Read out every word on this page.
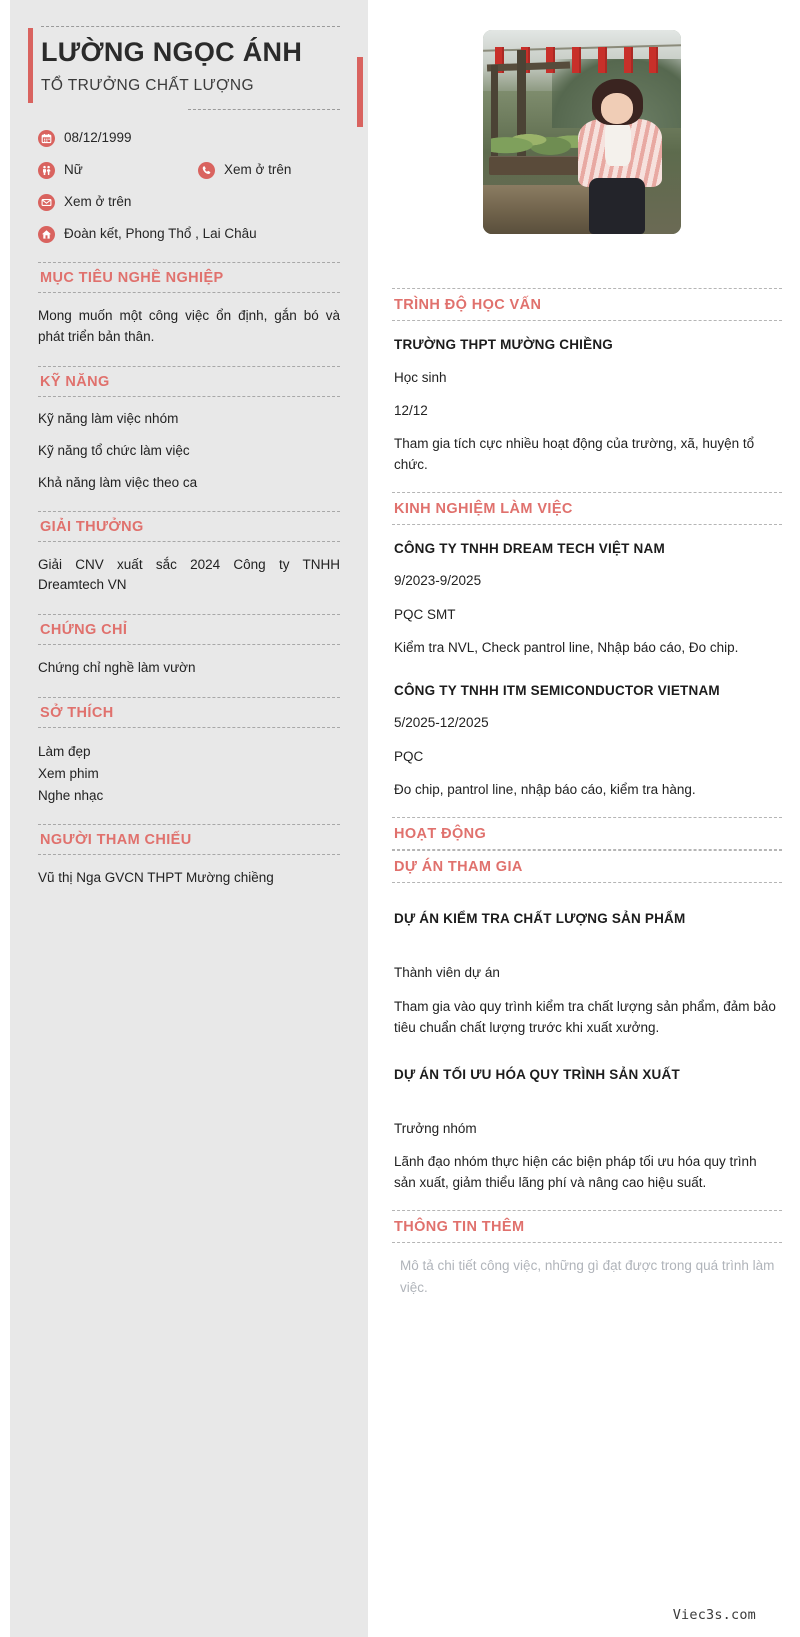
LƯỜNG NGỌC ÁNH
TỔ TRƯỞNG CHẤT LƯỢNG
08/12/1999
Nữ	Xem ở trên
Xem ở trên
Đoàn kết, Phong Thổ , Lai Châu
MỤC TIÊU NGHỀ NGHIỆP
Mong muốn một công việc ổn định, gắn bó và phát triển bản thân.
KỸ NĂNG
Kỹ năng làm việc nhóm
Kỹ năng tổ chức làm việc
Khả năng làm việc theo ca
GIẢI THƯỞNG
Giải CNV xuất sắc 2024 Công ty TNHH Dreamtech VN
CHỨNG CHỈ
Chứng chỉ nghề làm vườn
SỞ THÍCH
Làm đẹp
Xem phim
Nghe nhạc
NGƯỜI THAM CHIẾU
Vũ thị Nga GVCN THPT Mường chiềng
TRÌNH ĐỘ HỌC VẤN
TRƯỜNG THPT MƯỜNG CHIỀNG
Học sinh
12/12
Tham gia tích cực nhiều hoạt động của trường, xã, huyện tổ chức.
KINH NGHIỆM LÀM VIỆC
CÔNG TY TNHH DREAM TECH VIỆT NAM
9/2023-9/2025
PQC SMT
Kiểm tra NVL, Check pantrol line, Nhập báo cáo, Đo chip.
CÔNG TY TNHH ITM SEMICONDUCTOR VIETNAM
5/2025-12/2025
PQC
Đo chip, pantrol line, nhập báo cáo, kiểm tra hàng.
HOẠT ĐỘNG
DỰ ÁN THAM GIA
DỰ ÁN KIỂM TRA CHẤT LƯỢNG SẢN PHẨM
Thành viên dự án
Tham gia vào quy trình kiểm tra chất lượng sản phẩm, đảm bảo tiêu chuẩn chất lượng trước khi xuất xưởng.
DỰ ÁN TỐI ƯU HÓA QUY TRÌNH SẢN XUẤT
Trưởng nhóm
Lãnh đạo nhóm thực hiện các biện pháp tối ưu hóa quy trình sản xuất, giảm thiểu lãng phí và nâng cao hiệu suất.
THÔNG TIN THÊM
Mô tả chi tiết công việc, những gì đạt được trong quá trình làm việc.
Viec3s.com
